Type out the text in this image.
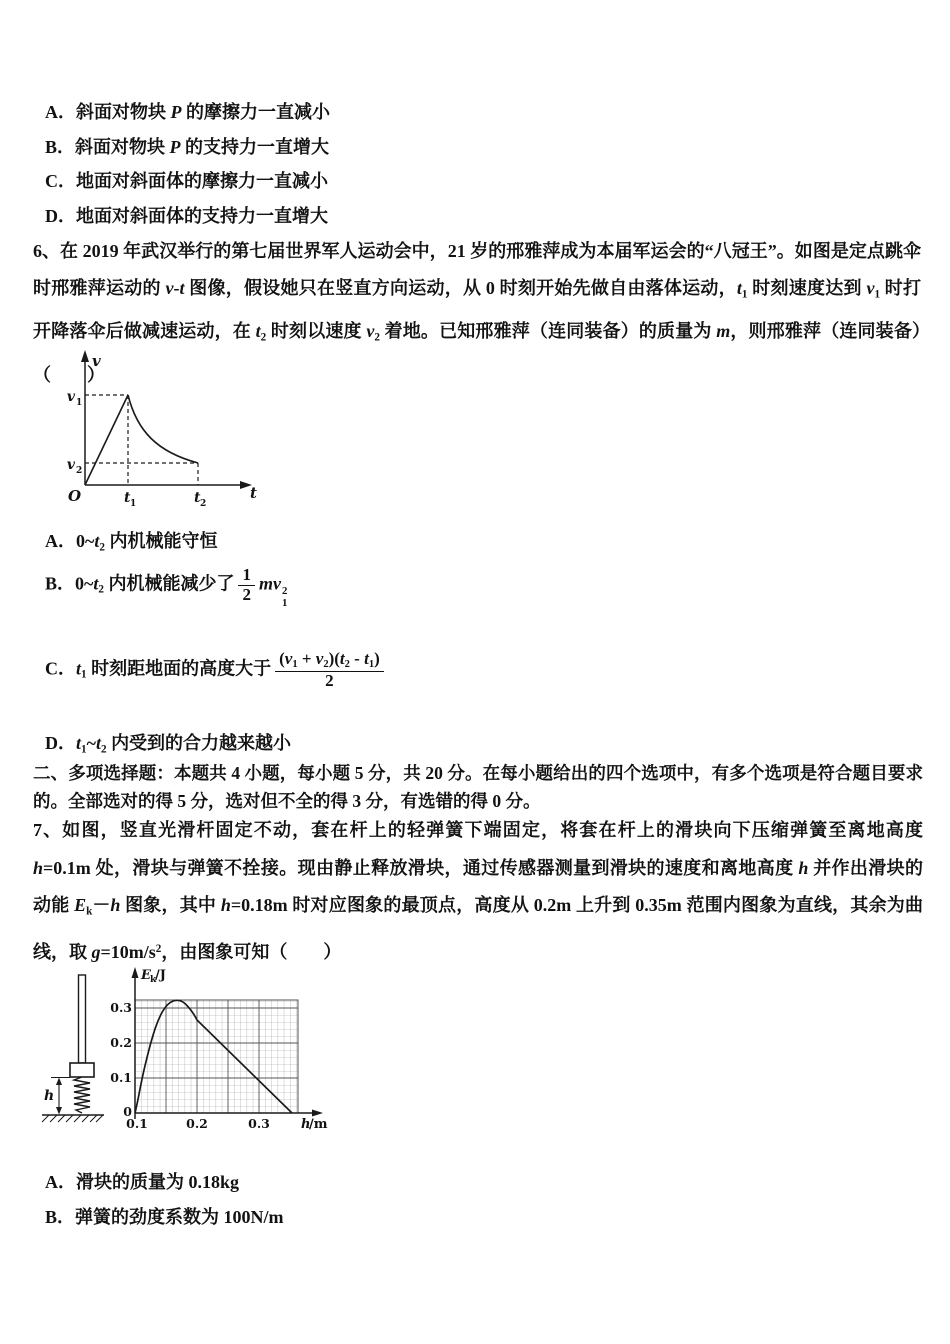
A．斜面对物块 P 的摩擦力一直减小
B．斜面对物块 P 的支持力一直增大
C．地面对斜面体的摩擦力一直减小
D．地面对斜面体的支持力一直增大

6、在 2019 年武汉举行的第七届世界军人运动会中，21 岁的邢雅萍成为本届军运会的“八冠王”。如图是定点跳伞时邢雅萍运动的 v-t 图像，假设她只在竖直方向运动，从 0 时刻开始先做自由落体运动，$t_1$ 时刻速度达到 $v_1$ 时打开降落伞后做减速运动，在 $t_2$ 时刻以速度 $v_2$ 着地。已知邢雅萍（连同装备）的质量为 m，则邢雅萍（连同装备）（　　）

v
t
O
v 1
v 2
t 1	t 2
A．$0\sim t_2$ 内机械能守恒
B．$0\sim t_2$ 内机械能减少了 $\frac{1}{2}$ mv 2
1
C．$t_1$ 时刻距地面的高度大于 $\frac{(v_1 + v_2)(t_2 - t_1)}{2}$
D．$t_1\sim t_2$ 内受到的合力越来越小

二、多项选择题：本题共 4 小题，每小题 5 分，共 20 分。在每小题给出的四个选项中，有多个选项是符合题目要求的。全部选对的得 5 分，选对但不全的得 3 分，有选错的得 0 分。

7、如图，竖直光滑杆固定不动，套在杆上的轻弹簧下端固定，将套在杆上的滑块向下压缩弹簧至离地高度 h=0.1m 处，滑块与弹簧不拴接。现由静止释放滑块，通过传感器测量到滑块的速度和离地高度 h 并作出滑块的动能 $E_k-h$ 图象，其中 h=0.18m 时对应图象的最顶点，高度从 0.2m 上升到 0.35m 范围内图象为直线，其余为曲线，取 $g=10m/s^2$，由图象可知（　　）

h
E k
/J
0.3
0.2
0.1
0
0.1	0.2	0.3 h
/m
A．滑块的质量为 0.18kg
B．弹簧的劲度系数为 100N/m
